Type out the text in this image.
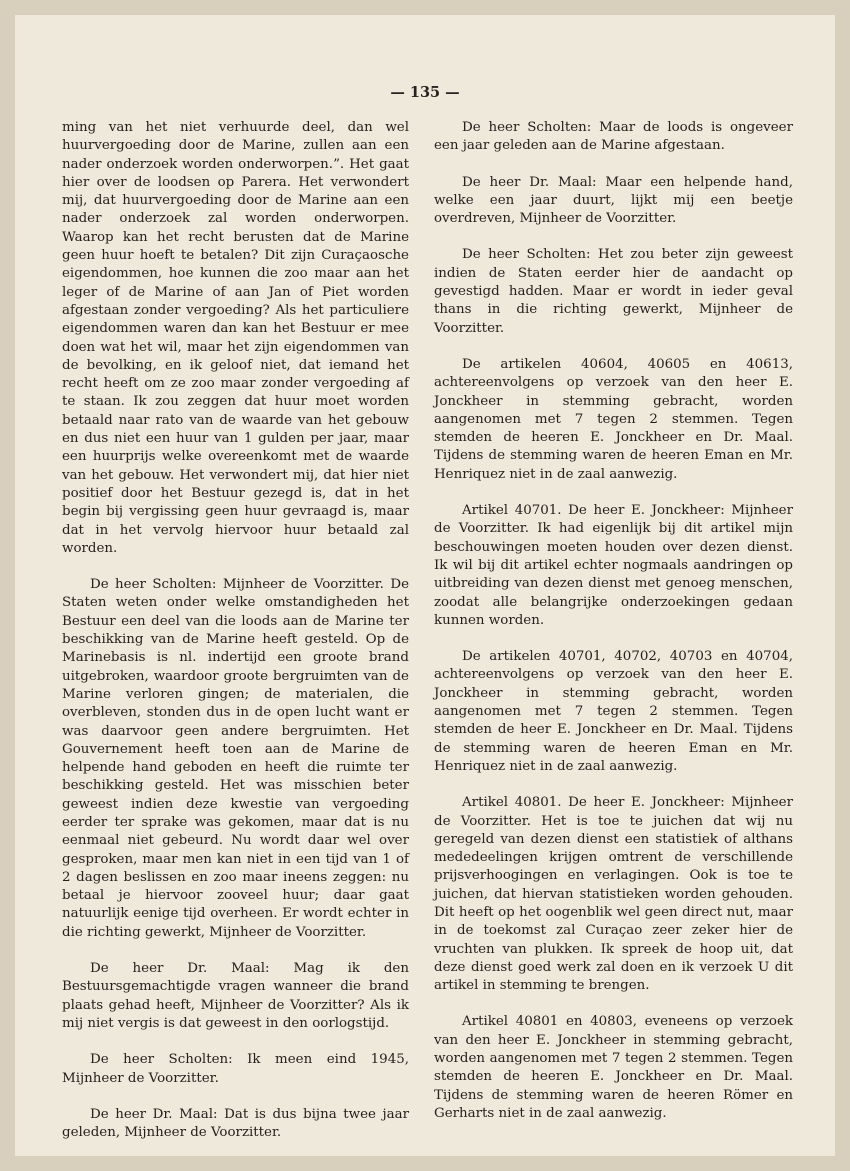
— 135 —

ming van het niet verhuurde deel, dan wel huurvergoeding door de Marine, zullen aan een nader onderzoek worden onderworpen.”. Het gaat hier over de loodsen op Parera. Het verwondert mij, dat huurvergoeding door de Marine aan een nader onderzoek zal worden onderworpen. Waarop kan het recht berusten dat de Marine geen huur hoeft te betalen? Dit zijn Curaçaosche eigendommen, hoe kunnen die zoo maar aan het leger of de Marine of aan Jan of Piet worden afgestaan zonder vergoeding? Als het particuliere eigendommen waren dan kan het Bestuur er mee doen wat het wil, maar het zijn eigendommen van de bevolking, en ik geloof niet, dat iemand het recht heeft om ze zoo maar zonder vergoeding af te staan. Ik zou zeggen dat huur moet worden betaald naar rato van de waarde van het gebouw en dus niet een huur van 1 gulden per jaar, maar een huurprijs welke overeenkomt met de waarde van het gebouw. Het verwondert mij, dat hier niet positief door het Bestuur gezegd is, dat in het begin bij vergissing geen huur gevraagd is, maar dat in het vervolg hiervoor huur betaald zal worden.

De heer Scholten: Mijnheer de Voorzitter. De Staten weten onder welke omstandigheden het Bestuur een deel van die loods aan de Marine ter beschikking van de Marine heeft gesteld. Op de Marinebasis is nl. indertijd een groote brand uitgebroken, waardoor groote bergruimten van de Marine verloren gingen; de materialen, die overbleven, stonden dus in de open lucht want er was daarvoor geen andere bergruimten. Het Gouvernement heeft toen aan de Marine de helpende hand geboden en heeft die ruimte ter beschikking gesteld. Het was misschien beter geweest indien deze kwestie van vergoeding eerder ter sprake was gekomen, maar dat is nu eenmaal niet gebeurd. Nu wordt daar wel over gesproken, maar men kan niet in een tijd van 1 of 2 dagen beslissen en zoo maar ineens zeggen: nu betaal je hiervoor zooveel huur; daar gaat natuurlijk eenige tijd overheen. Er wordt echter in die richting gewerkt, Mijnheer de Voorzitter.

De heer Dr. Maal: Mag ik den Bestuursgemachtigde vragen wanneer die brand plaats gehad heeft, Mijnheer de Voorzitter? Als ik mij niet vergis is dat geweest in den oorlogstijd.

De heer Scholten: Ik meen eind 1945, Mijnheer de Voorzitter.

De heer Dr. Maal: Dat is dus bijna twee jaar geleden, Mijnheer de Voorzitter.

De heer Scholten: Maar de loods is ongeveer een jaar geleden aan de Marine afgestaan.

De heer Dr. Maal: Maar een helpende hand, welke een jaar duurt, lijkt mij een beetje overdreven, Mijnheer de Voorzitter.

De heer Scholten: Het zou beter zijn geweest indien de Staten eerder hier de aandacht op gevestigd hadden. Maar er wordt in ieder geval thans in die richting gewerkt, Mijnheer de Voorzitter.

De artikelen 40604, 40605 en 40613, achtereenvolgens op verzoek van den heer E. Jonckheer in stemming gebracht, worden aangenomen met 7 tegen 2 stemmen. Tegen stemden de heeren E. Jonckheer en Dr. Maal. Tijdens de stemming waren de heeren Eman en Mr. Henriquez niet in de zaal aanwezig.

Artikel 40701. De heer E. Jonckheer: Mijnheer de Voorzitter. Ik had eigenlijk bij dit artikel mijn beschouwingen moeten houden over dezen dienst. Ik wil bij dit artikel echter nogmaals aandringen op uitbreiding van dezen dienst met genoeg menschen, zoodat alle belangrijke onderzoekingen gedaan kunnen worden.

De artikelen 40701, 40702, 40703 en 40704, achtereenvolgens op verzoek van den heer E. Jonckheer in stemming gebracht, worden aangenomen met 7 tegen 2 stemmen. Tegen stemden de heer E. Jonckheer en Dr. Maal. Tijdens de stemming waren de heeren Eman en Mr. Henriquez niet in de zaal aanwezig.

Artikel 40801. De heer E. Jonckheer: Mijnheer de Voorzitter. Het is toe te juichen dat wij nu geregeld van dezen dienst een statistiek of althans mededeelingen krijgen omtrent de verschillende prijsverhoogingen en verlagingen. Ook is toe te juichen, dat hiervan statistieken worden gehouden. Dit heeft op het oogenblik wel geen direct nut, maar in de toekomst zal Curaçao zeer zeker hier de vruchten van plukken. Ik spreek de hoop uit, dat deze dienst goed werk zal doen en ik verzoek U dit artikel in stemming te brengen.

Artikel 40801 en 40803, eveneens op verzoek van den heer E. Jonckheer in stemming gebracht, worden aangenomen met 7 tegen 2 stemmen. Tegen stemden de heeren E. Jonckheer en Dr. Maal. Tijdens de stemming waren de heeren Römer en Gerharts niet in de zaal aanwezig.
